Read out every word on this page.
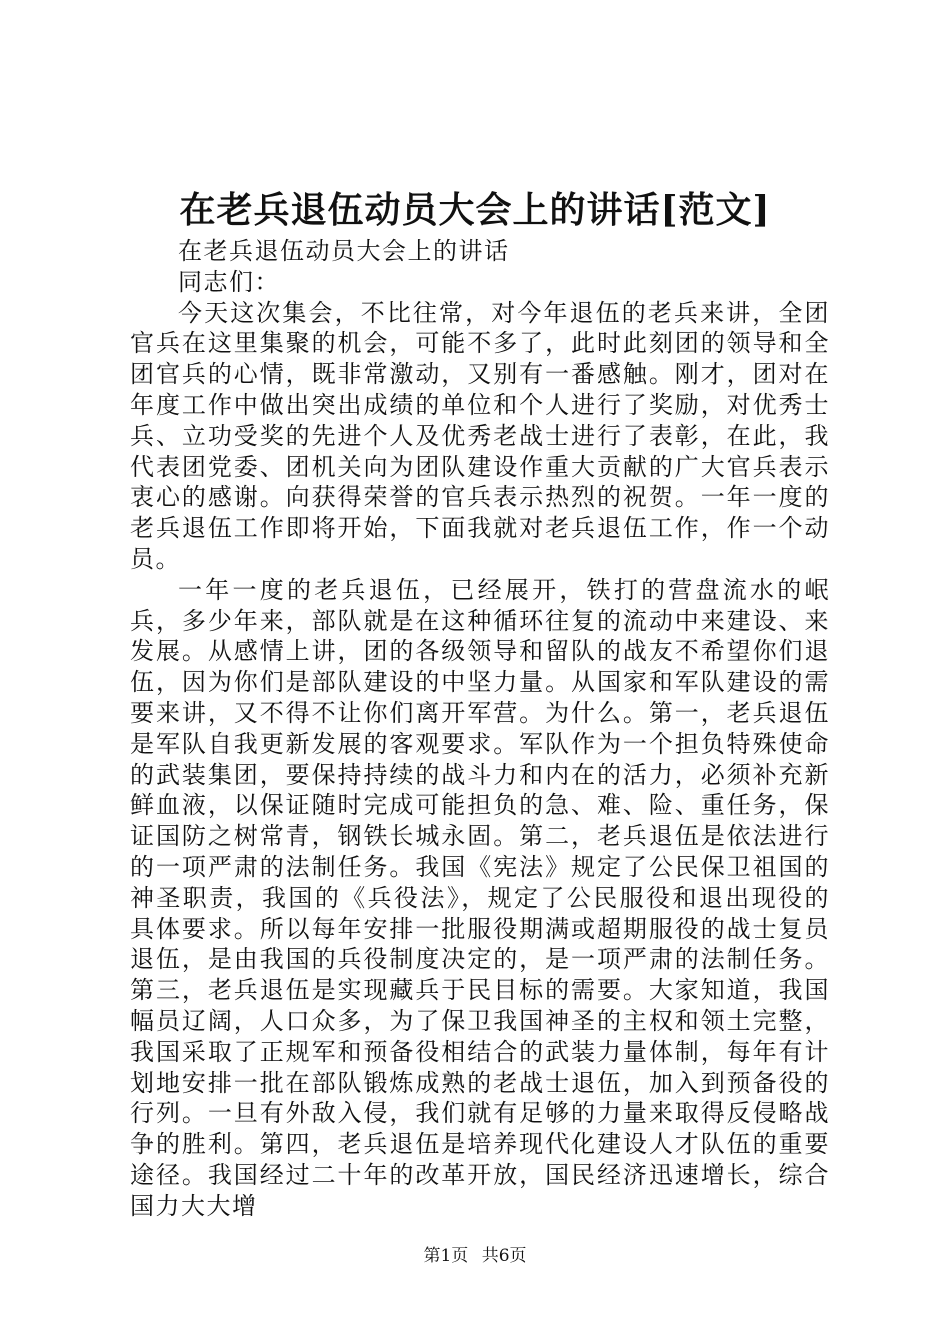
在老兵退伍动员大会上的讲话[范文]

在老兵退伍动员大会上的讲话

同志们：

今天这次集会，不比往常，对今年退伍的老兵来讲，全团官兵在这里集聚的机会，可能不多了，此时此刻团的领导和全团官兵的心情，既非常激动，又别有一番感触。刚才，团对在年度工作中做出突出成绩的单位和个人进行了奖励，对优秀士兵、立功受奖的先进个人及优秀老战士进行了表彰，在此，我代表团党委、团机关向为团队建设作重大贡献的广大官兵表示衷心的感谢。向获得荣誉的官兵表示热烈的祝贺。一年一度的老兵退伍工作即将开始，下面我就对老兵退伍工作，作一个动员。

一年一度的老兵退伍，已经展开，铁打的营盘流水的岷兵，多少年来，部队就是在这种循环往复的流动中来建设、来发展。从感情上讲，团的各级领导和留队的战友不希望你们退伍，因为你们是部队建设的中坚力量。从国家和军队建设的需要来讲，又不得不让你们离开军营。为什么。第一，老兵退伍是军队自我更新发展的客观要求。军队作为一个担负特殊使命的武装集团，要保持持续的战斗力和内在的活力，必须补充新鲜血液，以保证随时完成可能担负的急、难、险、重任务，保证国防之树常青，钢铁长城永固。第二，老兵退伍是依法进行的一项严肃的法制任务。我国《宪法》规定了公民保卫祖国的神圣职责，我国的《兵役法》，规定了公民服役和退出现役的具体要求。所以每年安排一批服役期满或超期服役的战士复员退伍，是由我国的兵役制度决定的，是一项严肃的法制任务。第三，老兵退伍是实现藏兵于民目标的需要。大家知道，我国幅员辽阔，人口众多，为了保卫我国神圣的主权和领土完整，我国采取了正规军和预备役相结合的武装力量体制，每年有计划地安排一批在部队锻炼成熟的老战士退伍，加入到预备役的行列。一旦有外敌入侵，我们就有足够的力量来取得反侵略战争的胜利。第四，老兵退伍是培养现代化建设人才队伍的重要途径。我国经过二十年的改革开放，国民经济迅速增长，综合国力大大增

第1页 共6页
